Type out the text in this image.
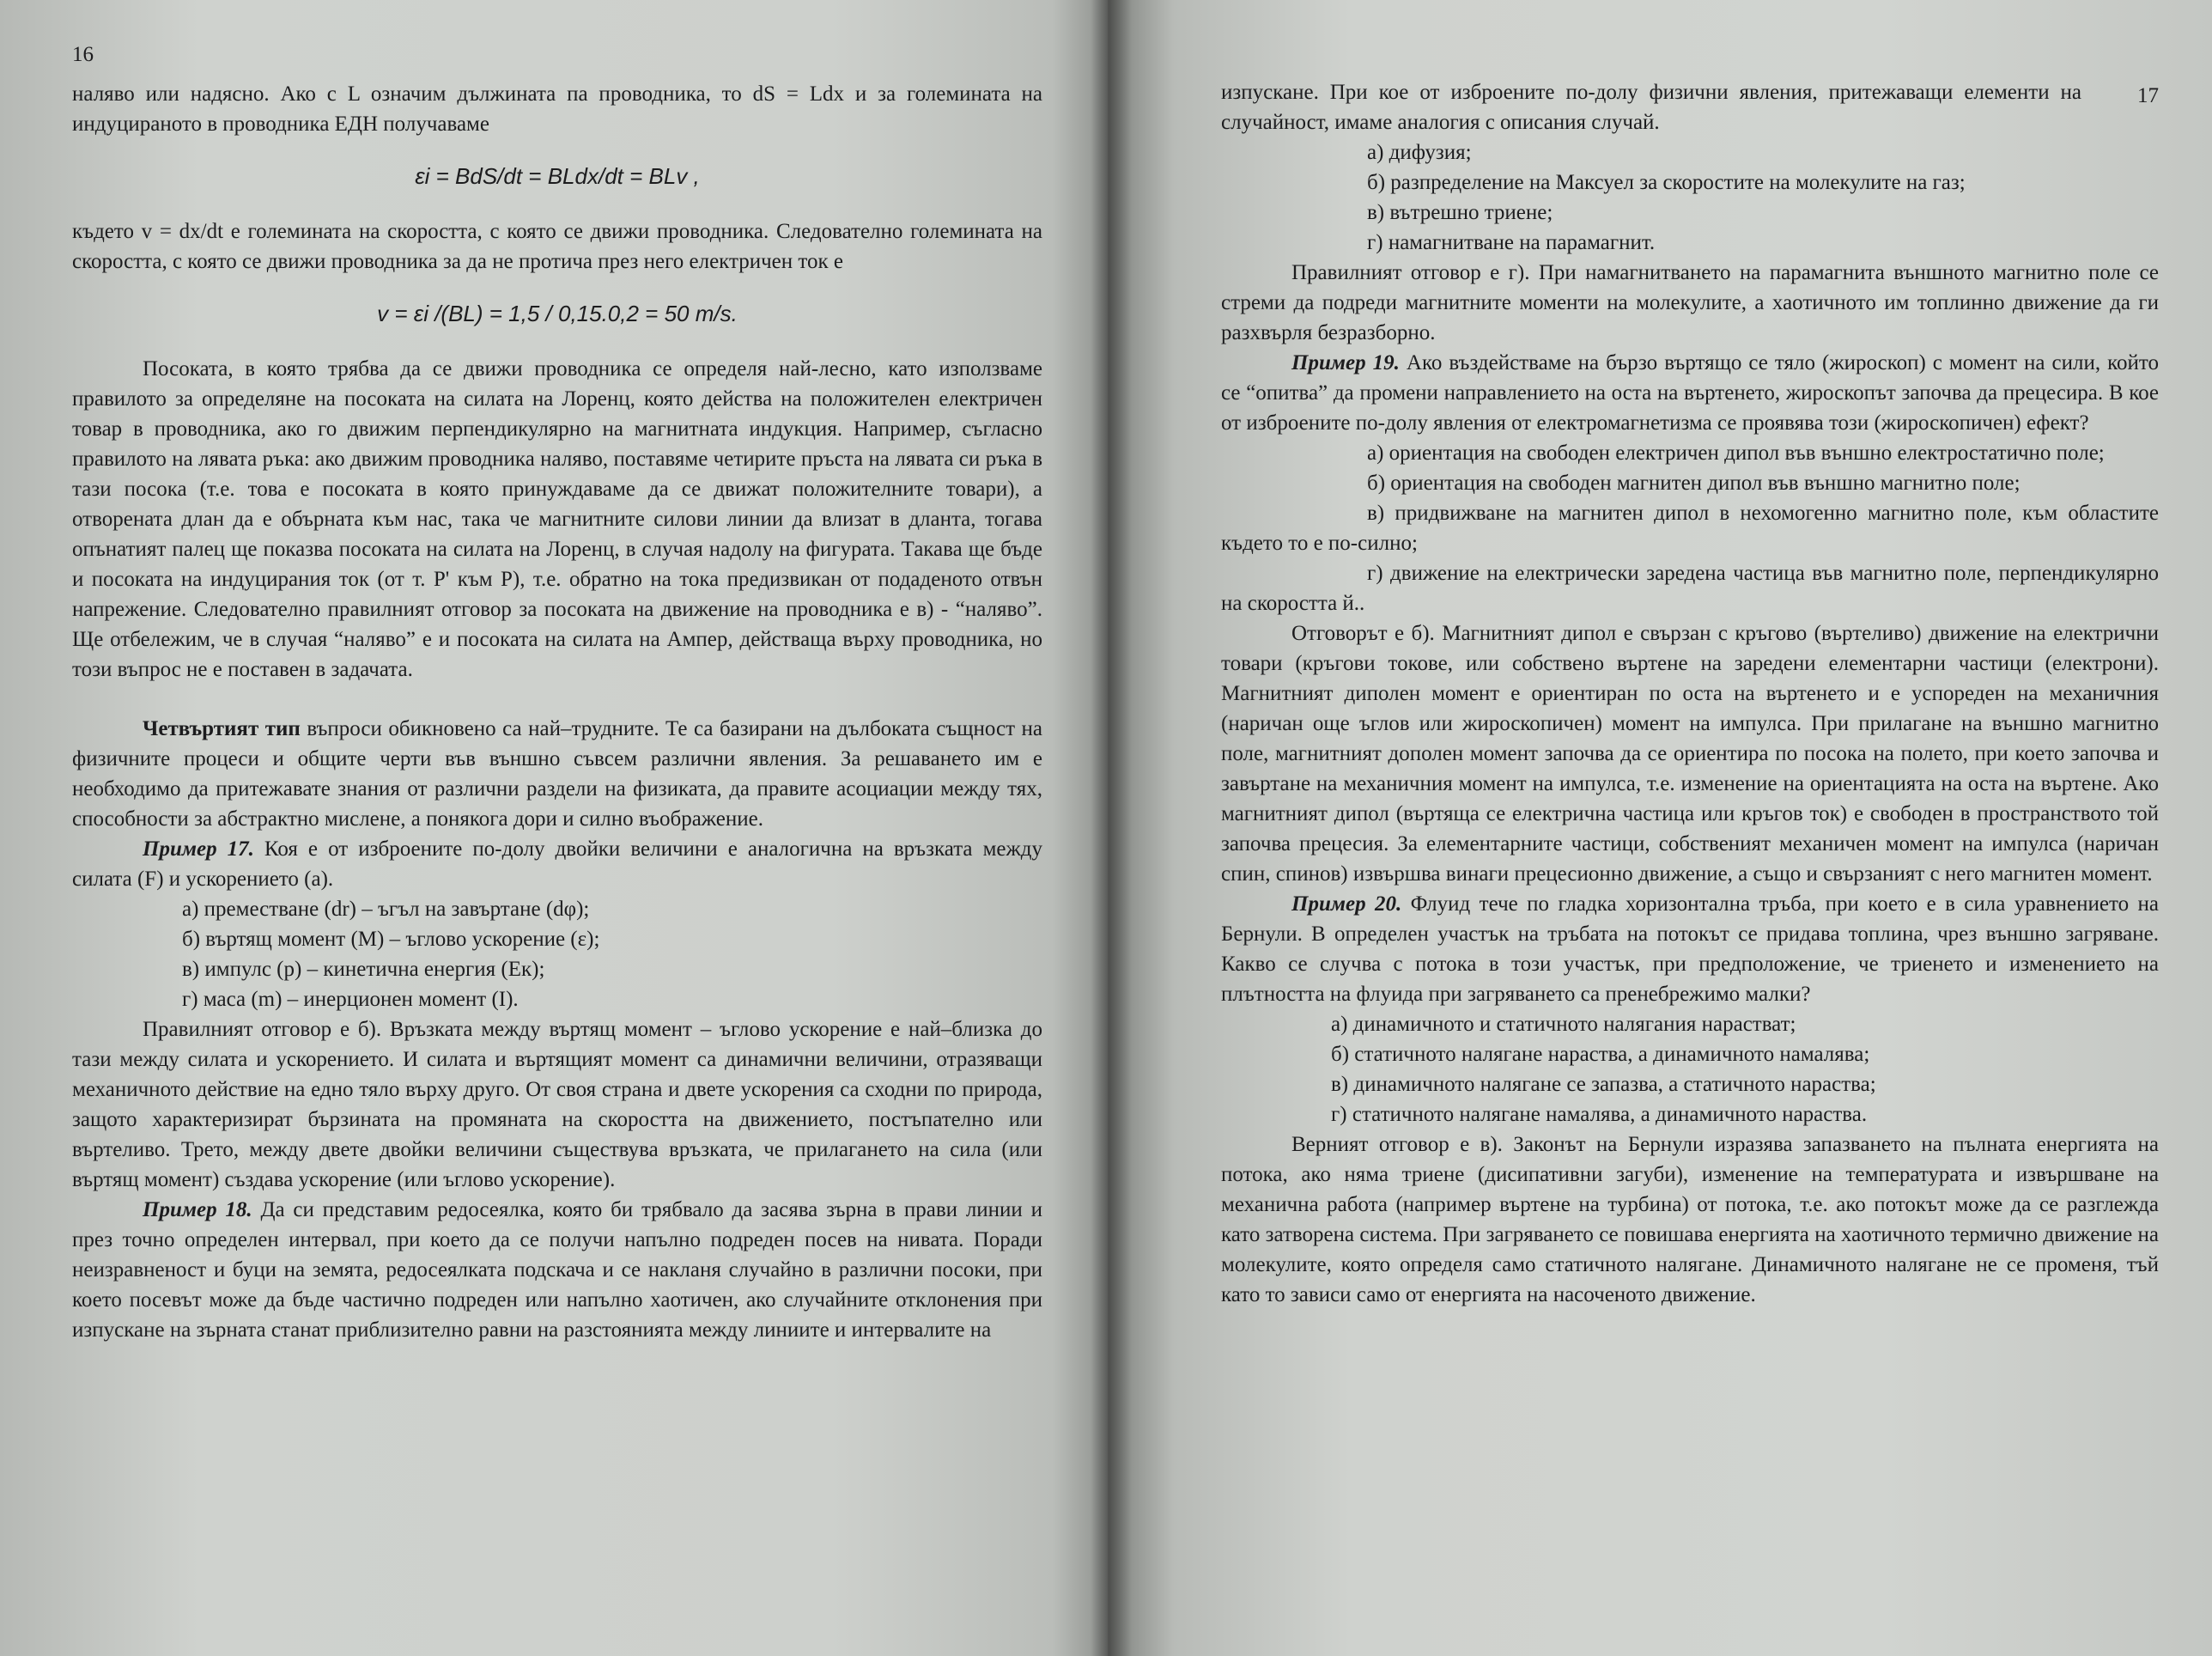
16

наляво или надясно. Ако с L означим дължината па проводника, то dS = Ldx и за големината на индуцираното в проводника ЕДН получаваме

εi = BdS/dt = BLdx/dt = BLv ,

където v = dx/dt е големината на скоростта, с която се движи проводника. Следователно големината на скоростта, с която се движи проводника за да не протича през него електричен ток е

v = εi /(BL) = 1,5 / 0,15.0,2 = 50 m/s.

Посоката, в която трябва да се движи проводника се определя най-лесно, като използваме правилото за определяне на посоката на силата на Лоренц, която действа на положителен електричен товар в проводника, ако го движим перпендикулярно на магнитната индукция. Например, съгласно правилото на лявата ръка: ако движим проводника наляво, поставяме четирите пръста на лявата си ръка в тази посока (т.е. това е посоката в която принуждаваме да се движат положителните товари), а отворената длан да е обърната към нас, така че магнитните силови линии да влизат в дланта, тогава опънатият палец ще показва посоката на силата на Лоренц, в случая надолу на фигурата. Такава ще бъде и посоката на индуцирания ток (от т. P' към P), т.е. обратно на тока предизвикан от подаденото отвън напрежение. Следователно правилният отговор за посоката на движение на проводника е в) - “наляво”. Ще отбележим, че в случая “наляво” е и посоката на силата на Ампер, действаща върху проводника, но този въпрос не е поставен в задачата.

Четвъртият тип въпроси обикновено са най–трудните. Те са базирани на дълбоката същност на физичните процеси и общите черти във външно съвсем различни явления. За решаването им е необходимо да притежавате знания от различни раздели на физиката, да правите асоциации между тях, способности за абстрактно мислене, а понякога дори и силно въображение.

Пример 17. Коя е от изброените по-долу двойки величини е аналогична на връзката между силата (F) и ускорението (a).

а) преместване (dr) – ъгъл на завъртане (dφ);

б) въртящ момент (M) – ъглово ускорение (ε);

в) импулс (p) – кинетична енергия (Eк);

г) маса (m) – инерционен момент (I).

Правилният отговор е б). Връзката между въртящ момент – ъглово ускорение е най–близка до тази между силата и ускорението. И силата и въртящият момент са динамични величини, отразяващи механичното действие на едно тяло върху друго. От своя страна и двете ускорения са сходни по природа, защото характеризират бързината на промяната на скоростта на движението, постъпателно или въртеливо. Трето, между двете двойки величини съществува връзката, че прилагането на сила (или въртящ момент) създава ускорение (или ъглово ускорение).

Пример 18. Да си представим редосеялка, която би трябвало да засява зърна в прави линии и през точно определен интервал, при което да се получи напълно подреден посев на нивата. Поради неизравненост и буци на земята, редосеялката подскача и се накланя случайно в различни посоки, при което посевът може да бъде частично подреден или напълно хаотичен, ако случайните отклонения при изпускане на зърната станат приблизително равни на разстоянията между линиите и интервалите на

17

изпускане. При кое от изброените по-долу физични явления, притежаващи елементи на случайност, имаме аналогия с описания случай.

а) дифузия;

б) разпределение на Максуел за скоростите на молекулите на газ;

в) вътрешно триене;

г) намагнитване на парамагнит.

Правилният отговор е г). При намагнитването на парамагнита външното магнитно поле се стреми да подреди магнитните моменти на молекулите, а хаотичното им топлинно движение да ги разхвърля безразборно.

Пример 19. Ако въздействаме на бързо въртящо се тяло (жироскоп) с момент на сили, който се “опитва” да промени направлението на оста на въртенето, жироскопът започва да прецесира. В кое от изброените по-долу явления от електромагнетизма се проявява този (жироскопичен) ефект?

а) ориентация на свободен електричен дипол във външно електростатично поле;

б) ориентация на свободен магнитен дипол във външно магнитно поле;

в) придвижване на магнитен дипол в нехомогенно магнитно поле, към областите където то е по-силно;

г) движение на електрически заредена частица във магнитно поле, перпендикулярно на скоростта й..

Отговорът е б). Магнитният дипол е свързан с кръгово (въртеливо) движение на електрични товари (кръгови токове, или собствено въртене на заредени елементарни частици (електрони). Магнитният диполен момент е ориентиран по оста на въртенето и е успореден на механичния (наричан още ъглов или жироскопичен) момент на импулса. При прилагане на външно магнитно поле, магнитният дополен момент започва да се ориентира по посока на полето, при което започва и завъртане на механичния момент на импулса, т.е. изменение на ориентацията на оста на въртене. Ако магнитният дипол (въртяща се електрична частица или кръгов ток) е свободен в пространството той започва прецесия. За елементарните частици, собственият механичен момент на импулса (наричан спин, спинов) извършва винаги прецесионно движение, а също и свързаният с него магнитен момент.

Пример 20. Флуид тече по гладка хоризонтална тръба, при което е в сила уравнението на Бернули. В определен участък на тръбата на потокът се придава топлина, чрез външно загряване. Какво се случва с потока в този участък, при предположение, че триенето и изменението на плътността на флуида при загряването са пренебрежимо малки?

а) динамичното и статичното налягания нарастват;

б) статичното налягане нараства, а динамичното намалява;

в) динамичното налягане се запазва, а статичното нараства;

г) статичното налягане намалява, а динамичното нараства.

Верният отговор е в). Законът на Бернули изразява запазването на пълната енергията на потока, ако няма триене (дисипативни загуби), изменение на температурата и извършване на механична работа (например въртене на турбина) от потока, т.е. ако потокът може да се разглежда като затворена система. При загряването се повишава енергията на хаотичното термично движение на молекулите, която определя само статичното налягане. Динамичното налягане не се променя, тъй като то зависи само от енергията на насоченото движение.
